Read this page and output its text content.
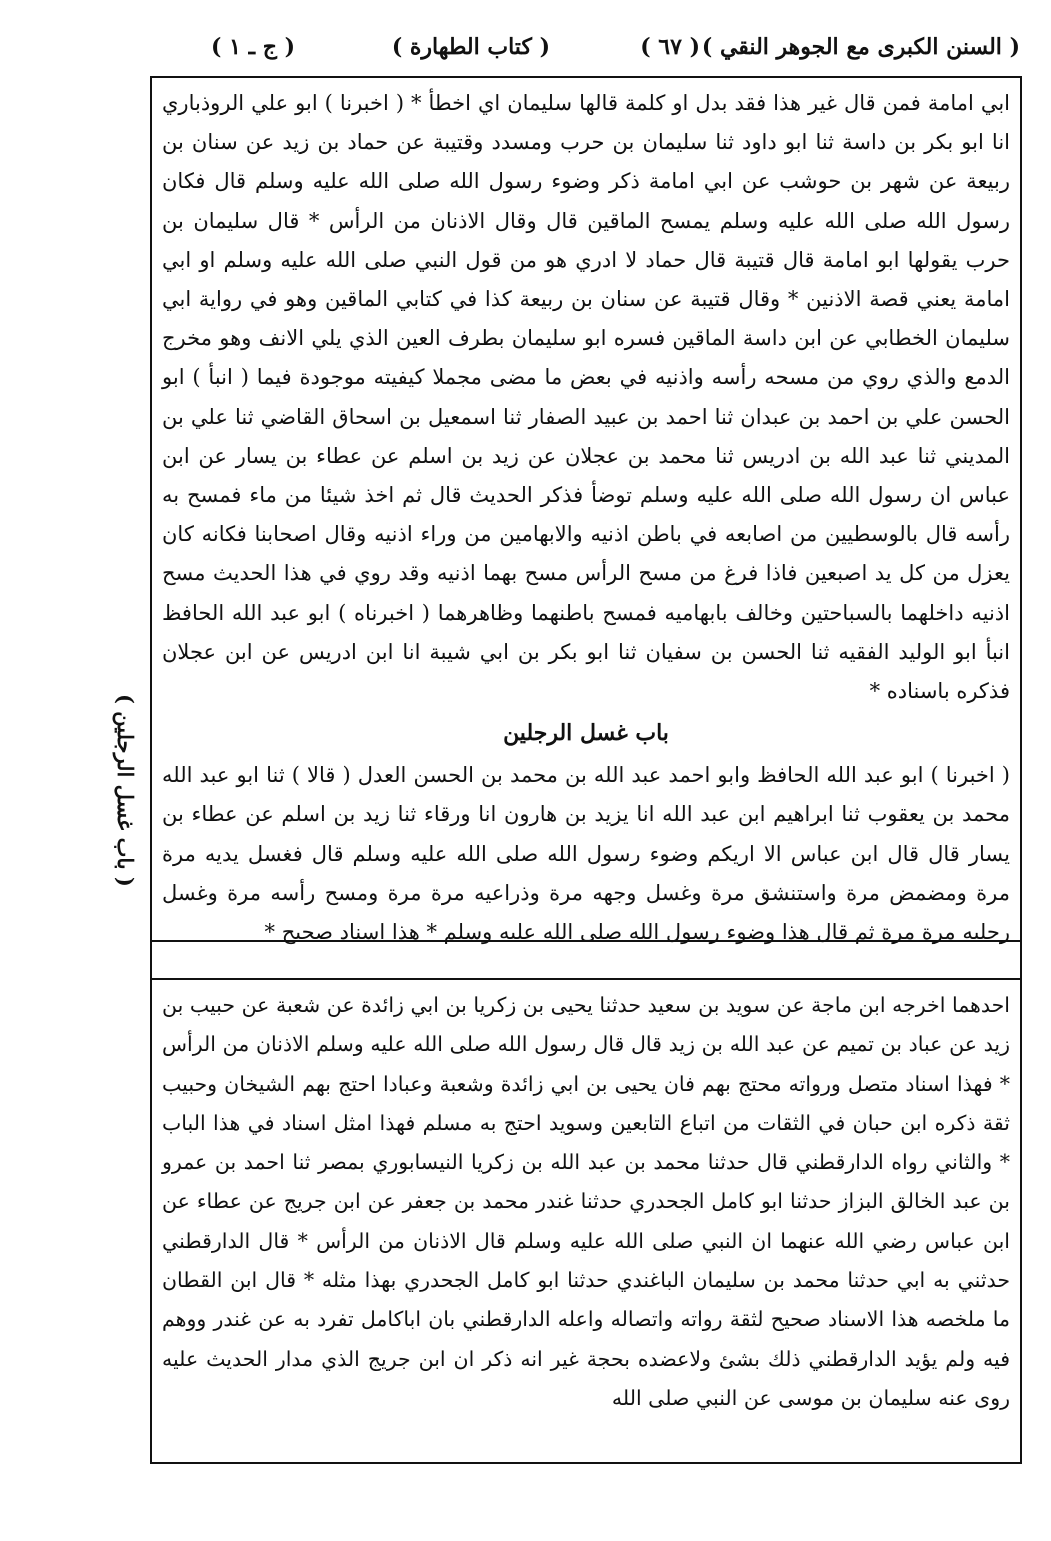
( السنن الكبرى مع الجوهر النقي )
( ٦٧ )
( كتاب الطهارة )
( ج ـ ١ )
( باب غسل الرجلين )

ابي امامة فمن قال غير هذا فقد بدل او كلمة قالها سليمان اي اخطأ * ( اخبرنا ) ابو علي الروذباري انا ابو بكر بن داسة ثنا ابو داود ثنا سليمان بن حرب ومسدد وقتيبة عن حماد بن زيد عن سنان بن ربيعة عن شهر بن حوشب عن ابي امامة ذكر وضوء رسول الله صلى الله عليه وسلم قال فكان رسول الله صلى الله عليه وسلم يمسح الماقين قال وقال الاذنان من الرأس * قال سليمان بن حرب يقولها ابو امامة قال قتيبة قال حماد لا ادري هو من قول النبي صلى الله عليه وسلم او ابي امامة يعني قصة الاذنين * وقال قتيبة عن سنان بن ربيعة كذا في كتابي الماقين وهو في رواية ابي سليمان الخطابي عن ابن داسة الماقين فسره ابو سليمان بطرف العين الذي يلي الانف وهو مخرج الدمع والذي روي من مسحه رأسه واذنيه في بعض ما مضى مجملا كيفيته موجودة فيما ( انبأ ) ابو الحسن علي بن احمد بن عبدان ثنا احمد بن عبيد الصفار ثنا اسمعيل بن اسحاق القاضي ثنا علي بن المديني ثنا عبد الله بن ادريس ثنا محمد بن عجلان عن زيد بن اسلم عن عطاء بن يسار عن ابن عباس ان رسول الله صلى الله عليه وسلم توضأ فذكر الحديث قال ثم اخذ شيئا من ماء فمسح به رأسه قال بالوسطيين من اصابعه في باطن اذنيه والابهامين من وراء اذنيه وقال اصحابنا فكانه كان يعزل من كل يد اصبعين فاذا فرغ من مسح الرأس مسح بهما اذنيه وقد روي في هذا الحديث مسح اذنيه داخلهما بالسباحتين وخالف بابهاميه فمسح باطنهما وظاهرهما ( اخبرناه ) ابو عبد الله الحافظ انبأ ابو الوليد الفقيه ثنا الحسن بن سفيان ثنا ابو بكر بن ابي شيبة انا ابن ادريس عن ابن عجلان فذكره باسناده *

باب غسل الرجلين

( اخبرنا ) ابو عبد الله الحافظ وابو احمد عبد الله بن محمد بن الحسن العدل ( قالا ) ثنا ابو عبد الله محمد بن يعقوب ثنا ابراهيم ابن عبد الله انا يزيد بن هارون انا ورقاء ثنا زيد بن اسلم عن عطاء بن يسار قال قال ابن عباس الا اريكم وضوء رسول الله صلى الله عليه وسلم قال فغسل يديه مرة مرة ومضمض مرة واستنشق مرة وغسل وجهه مرة وذراعيه مرة مرة ومسح رأسه مرة وغسل رجليه مرة مرة ثم قال هذا وضوء رسول الله صلى الله عليه وسلم * هذا اسناد صحيح *

احدهما اخرجه ابن ماجة عن سويد بن سعيد حدثنا يحيى بن زكريا بن ابي زائدة عن شعبة عن حبيب بن زيد عن عباد بن تميم عن عبد الله بن زيد قال قال رسول الله صلى الله عليه وسلم الاذنان من الرأس * فهذا اسناد متصل ورواته محتج بهم فان يحيى بن ابي زائدة وشعبة وعبادا احتج بهم الشيخان وحبيب ثقة ذكره ابن حبان في الثقات من اتباع التابعين وسويد احتج به مسلم فهذا امثل اسناد في هذا الباب * والثاني رواه الدارقطني قال حدثنا محمد بن عبد الله بن زكريا النيسابوري بمصر ثنا احمد بن عمرو بن عبد الخالق البزاز حدثنا ابو كامل الجحدري حدثنا غندر محمد بن جعفر عن ابن جريج عن عطاء عن ابن عباس رضي الله عنهما ان النبي صلى الله عليه وسلم قال الاذنان من الرأس * قال الدارقطني حدثني به ابي حدثنا محمد بن سليمان الباغندي حدثنا ابو كامل الجحدري بهذا مثله * قال ابن القطان ما ملخصه هذا الاسناد صحيح لثقة رواته واتصاله واعله الدارقطني بان اباكامل تفرد به عن غندر ووهم فيه ولم يؤيد الدارقطني ذلك بشئ ولاعضده بحجة غير انه ذكر ان ابن جريج الذي مدار الحديث عليه روى عنه سليمان بن موسى عن النبي صلى الله
